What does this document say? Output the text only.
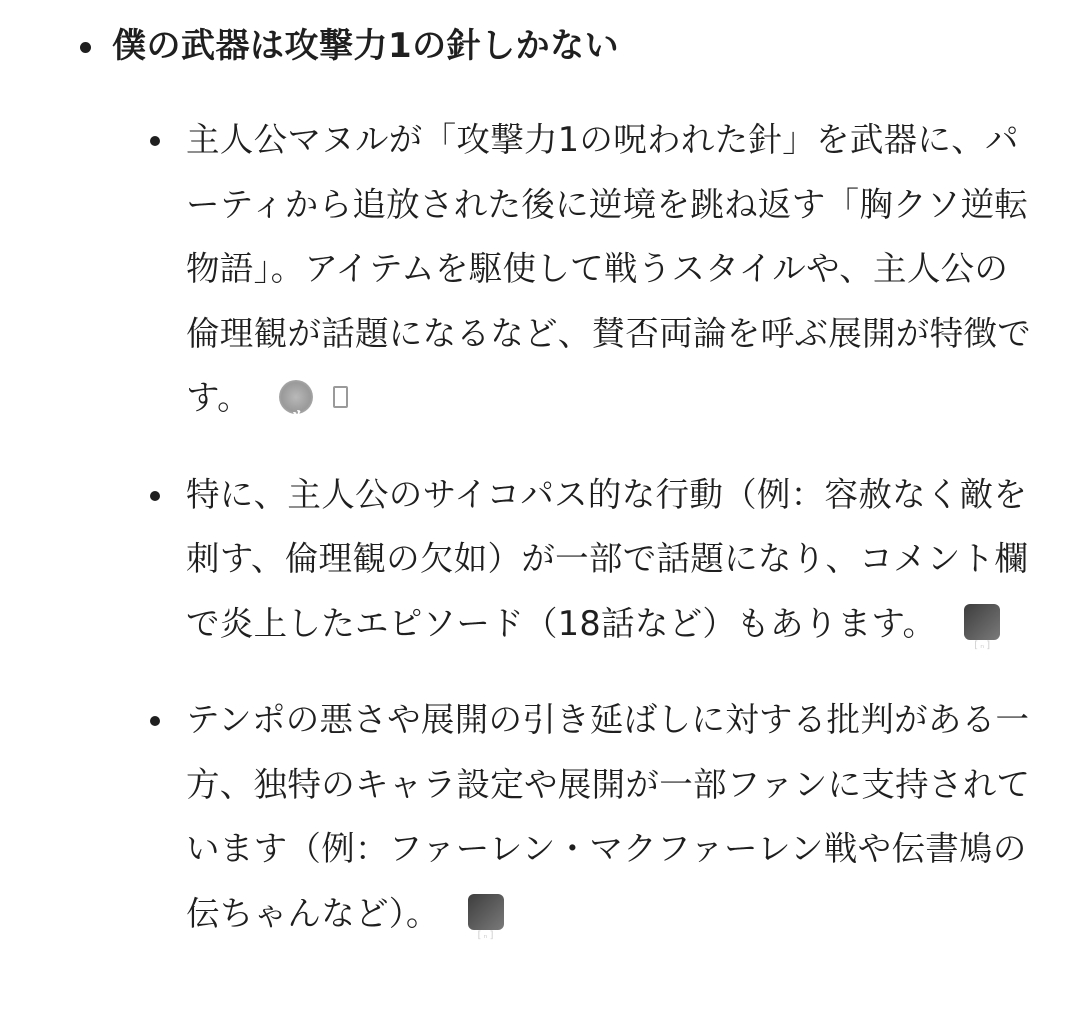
僕の武器は攻撃力1の針しかない
主人公マヌルが「攻撃力1の呪われた針」を武器に、パーティから追放された後に逆境を跳ね返す「胸クソ逆転物語」。アイテムを駆使して戦うスタイルや、主人公の倫理観が話題になるなど、賛否両論を呼ぶ展開が特徴です。ル
特に、主人公のサイコパス的な行動（例：容赦なく敵を刺す、倫理観の欠如）が一部で話題になり、コメント欄で炎上したエピソード（18話など）もあります。[ₙ]
テンポの悪さや展開の引き延ばしに対する批判がある一方、独特のキャラ設定や展開が一部ファンに支持されています（例：ファーレン・マクファーレン戦や伝書鳩の伝ちゃんなど）。[ₙ]
